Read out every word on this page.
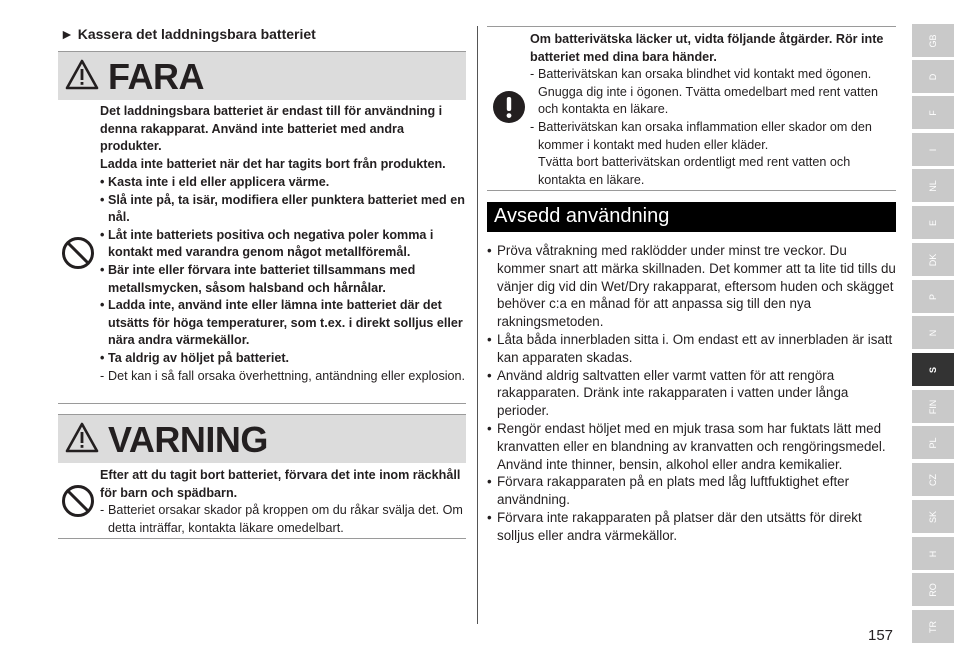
► Kassera det laddningsbara batteriet
FARA
Det laddningsbara batteriet är endast till för användning i denna rakapparat. Använd inte batteriet med andra produkter.
Ladda inte batteriet när det har tagits bort från produkten.
• Kasta inte i eld eller applicera värme.
• Slå inte på, ta isär, modifiera eller punktera batteriet med en nål.
• Låt inte batteriets positiva och negativa poler komma i kontakt med varandra genom något metallföremål.
• Bär inte eller förvara inte batteriet tillsammans med metallsmycken, såsom halsband och hårnålar.
• Ladda inte, använd inte eller lämna inte batteriet där det utsätts för höga temperaturer, som t.ex. i direkt solljus eller nära andra värmekällor.
• Ta aldrig av höljet på batteriet.
- Det kan i så fall orsaka överhettning, antändning eller explosion.
VARNING
Efter att du tagit bort batteriet, förvara det inte inom räckhåll för barn och spädbarn.
- Batteriet orsakar skador på kroppen om du råkar svälja det. Om detta inträffar, kontakta läkare omedelbart.
Om batterivätska läcker ut, vidta följande åtgärder. Rör inte batteriet med dina bara händer.
- Batterivätskan kan orsaka blindhet vid kontakt med ögonen.
Gnugga dig inte i ögonen. Tvätta omedelbart med rent vatten och kontakta en läkare.
- Batterivätskan kan orsaka inflammation eller skador om den kommer i kontakt med huden eller kläder.
Tvätta bort batterivätskan ordentligt med rent vatten och kontakta en läkare.
Avsedd användning
• Pröva våtrakning med raklödder under minst tre veckor. Du kommer snart att märka skillnaden. Det kommer att ta lite tid tills du vänjer dig vid din Wet/Dry rakapparat, eftersom huden och skägget behöver c:a en månad för att anpassa sig till den nya rakningsmetoden.
• Låta båda innerbladen sitta i. Om endast ett av innerbladen är isatt kan apparaten skadas.
• Använd aldrig saltvatten eller varmt vatten för att rengöra rakapparaten. Dränk inte rakapparaten i vatten under långa perioder.
• Rengör endast höljet med en mjuk trasa som har fuktats lätt med kranvatten eller en blandning av kranvatten och rengöringsmedel. Använd inte thinner, bensin, alkohol eller andra kemikalier.
• Förvara rakapparaten på en plats med låg luftfuktighet efter användning.
• Förvara inte rakapparaten på platser där den utsätts för direkt solljus eller andra värmekällor.
GB
D
F
I
NL
E
DK
P
N
S
FIN
PL
CZ
SK
H
RO
TR
157
